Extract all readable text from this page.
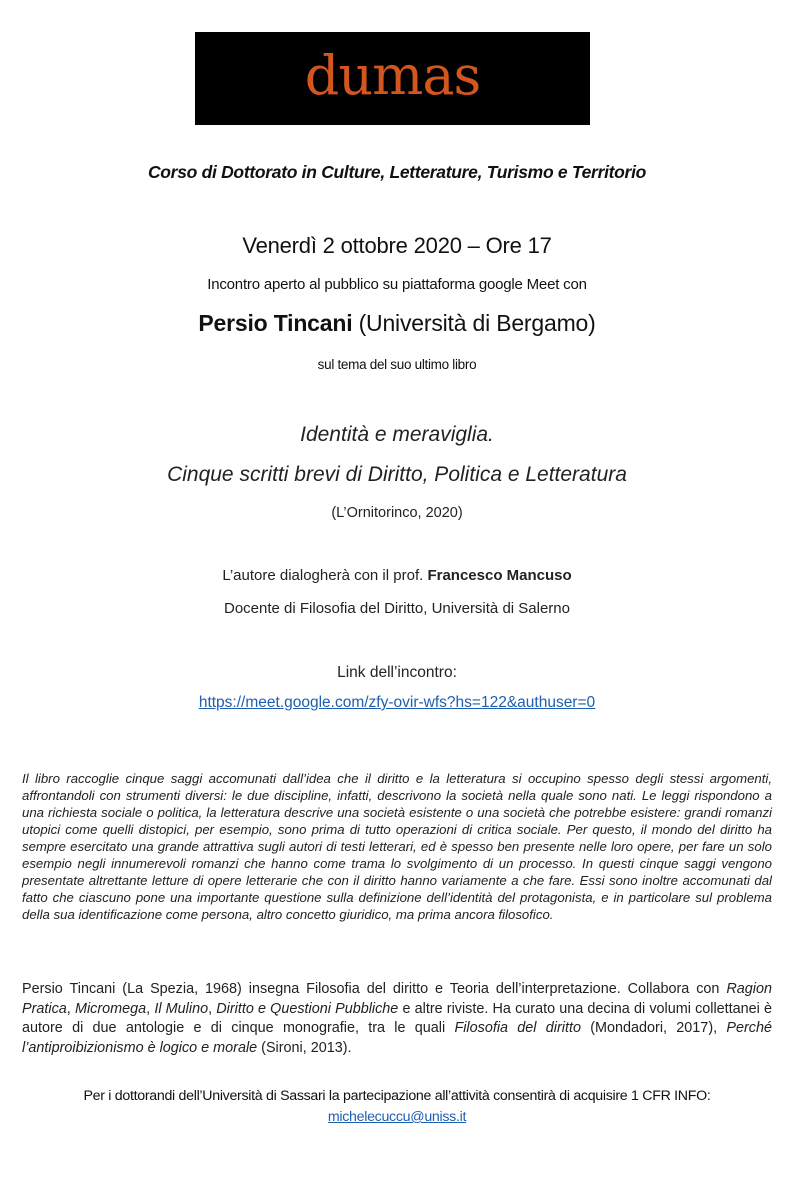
dumas
Corso di Dottorato in Culture, Letterature, Turismo e Territorio
Venerdì 2 ottobre 2020 – Ore 17
Incontro aperto al pubblico su piattaforma google Meet con
Persio Tincani (Università di Bergamo)
sul tema del suo ultimo libro
Identità e meraviglia.
Cinque scritti brevi di Diritto, Politica e Letteratura
(L’Ornitorinco, 2020)
L’autore dialogherà con il prof. Francesco Mancuso
Docente di Filosofia del Diritto, Università di Salerno
Link dell’incontro:
https://meet.google.com/zfy-ovir-wfs?hs=122&authuser=0

Il libro raccoglie cinque saggi accomunati dall’idea che il diritto e la letteratura si occupino spesso degli stessi argomenti, affrontandoli con strumenti diversi: le due discipline, infatti, descrivono la società nella quale sono nati. Le leggi rispondono a una richiesta sociale o politica, la letteratura descrive una società esistente o una società che potrebbe esistere: grandi romanzi utopici come quelli distopici, per esempio, sono prima di tutto operazioni di critica sociale. Per questo, il mondo del diritto ha sempre esercitato una grande attrattiva sugli autori di testi letterari, ed è spesso ben presente nelle loro opere, per fare un solo esempio negli innumerevoli romanzi che hanno come trama lo svolgimento di un processo. In questi cinque saggi vengono presentate altrettante letture di opere letterarie che con il diritto hanno variamente a che fare. Essi sono inoltre accomunati dal fatto che ciascuno pone una importante questione sulla definizione dell’identità del protagonista, e in particolare sul problema della sua identificazione come persona, altro concetto giuridico, ma prima ancora filosofico.

Persio Tincani (La Spezia, 1968) insegna Filosofia del diritto e Teoria dell’interpretazione. Collabora con Ragion Pratica, Micromega, Il Mulino, Diritto e Questioni Pubbliche e altre riviste. Ha curato una decina di volumi collettanei è autore di due antologie e di cinque monografie, tra le quali Filosofia del diritto (Mondadori, 2017), Perché l’antiproibizionismo è logico e morale (Sironi, 2013).

Per i dottorandi dell’Università di Sassari la partecipazione all’attività consentirà di acquisire 1 CFR INFO:
michelecuccu@uniss.it
